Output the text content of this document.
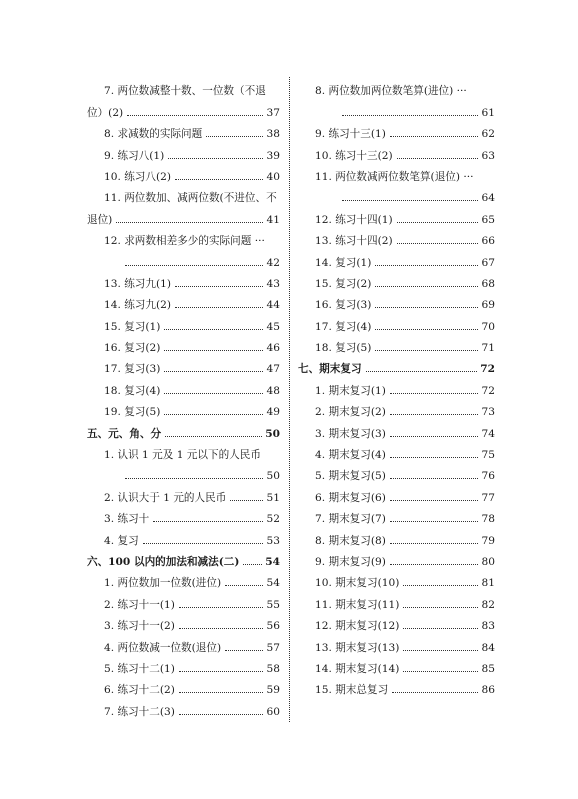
7. 两位数减整十数、一位数（不退
位）(2)	37
8. 求减数的实际问题	38
9. 练习八(1)	39
10. 练习八(2)	40
11. 两位数加、减两位数(不进位、不
退位)	41
12. 求两数相差多少的实际问题 ···
42
13. 练习九(1)	43
14. 练习九(2)	44
15. 复习(1)	45
16. 复习(2)	46
17. 复习(3)	47
18. 复习(4)	48
19. 复习(5)	49
五、元、角、分	50
1. 认识 1 元及 1 元以下的人民币
50
2. 认识大于 1 元的人民币	51
3. 练习十	52
4. 复习	53
六、100 以内的加法和减法(二) 54
1. 两位数加一位数(进位)	54
2. 练习十一(1)	55
3. 练习十一(2)	56
4. 两位数减一位数(退位)	57
5. 练习十二(1)	58
6. 练习十二(2)	59
7. 练习十二(3)	60
8. 两位数加两位数笔算(进位) ···
61
9. 练习十三(1)	62
10. 练习十三(2)	63
11. 两位数减两位数笔算(退位) ···
64
12. 练习十四(1)	65
13. 练习十四(2)	66
14. 复习(1)	67
15. 复习(2)	68
16. 复习(3)	69
17. 复习(4)	70
18. 复习(5)	71
七、期末复习	72
1. 期末复习(1)	72
2. 期末复习(2)	73
3. 期末复习(3)	74
4. 期末复习(4)	75
5. 期末复习(5)	76
6. 期末复习(6)	77
7. 期末复习(7)	78
8. 期末复习(8)	79
9. 期末复习(9)	80
10. 期末复习(10)	81
11. 期末复习(11)	82
12. 期末复习(12)	83
13. 期末复习(13)	84
14. 期末复习(14)	85
15. 期末总复习	86
